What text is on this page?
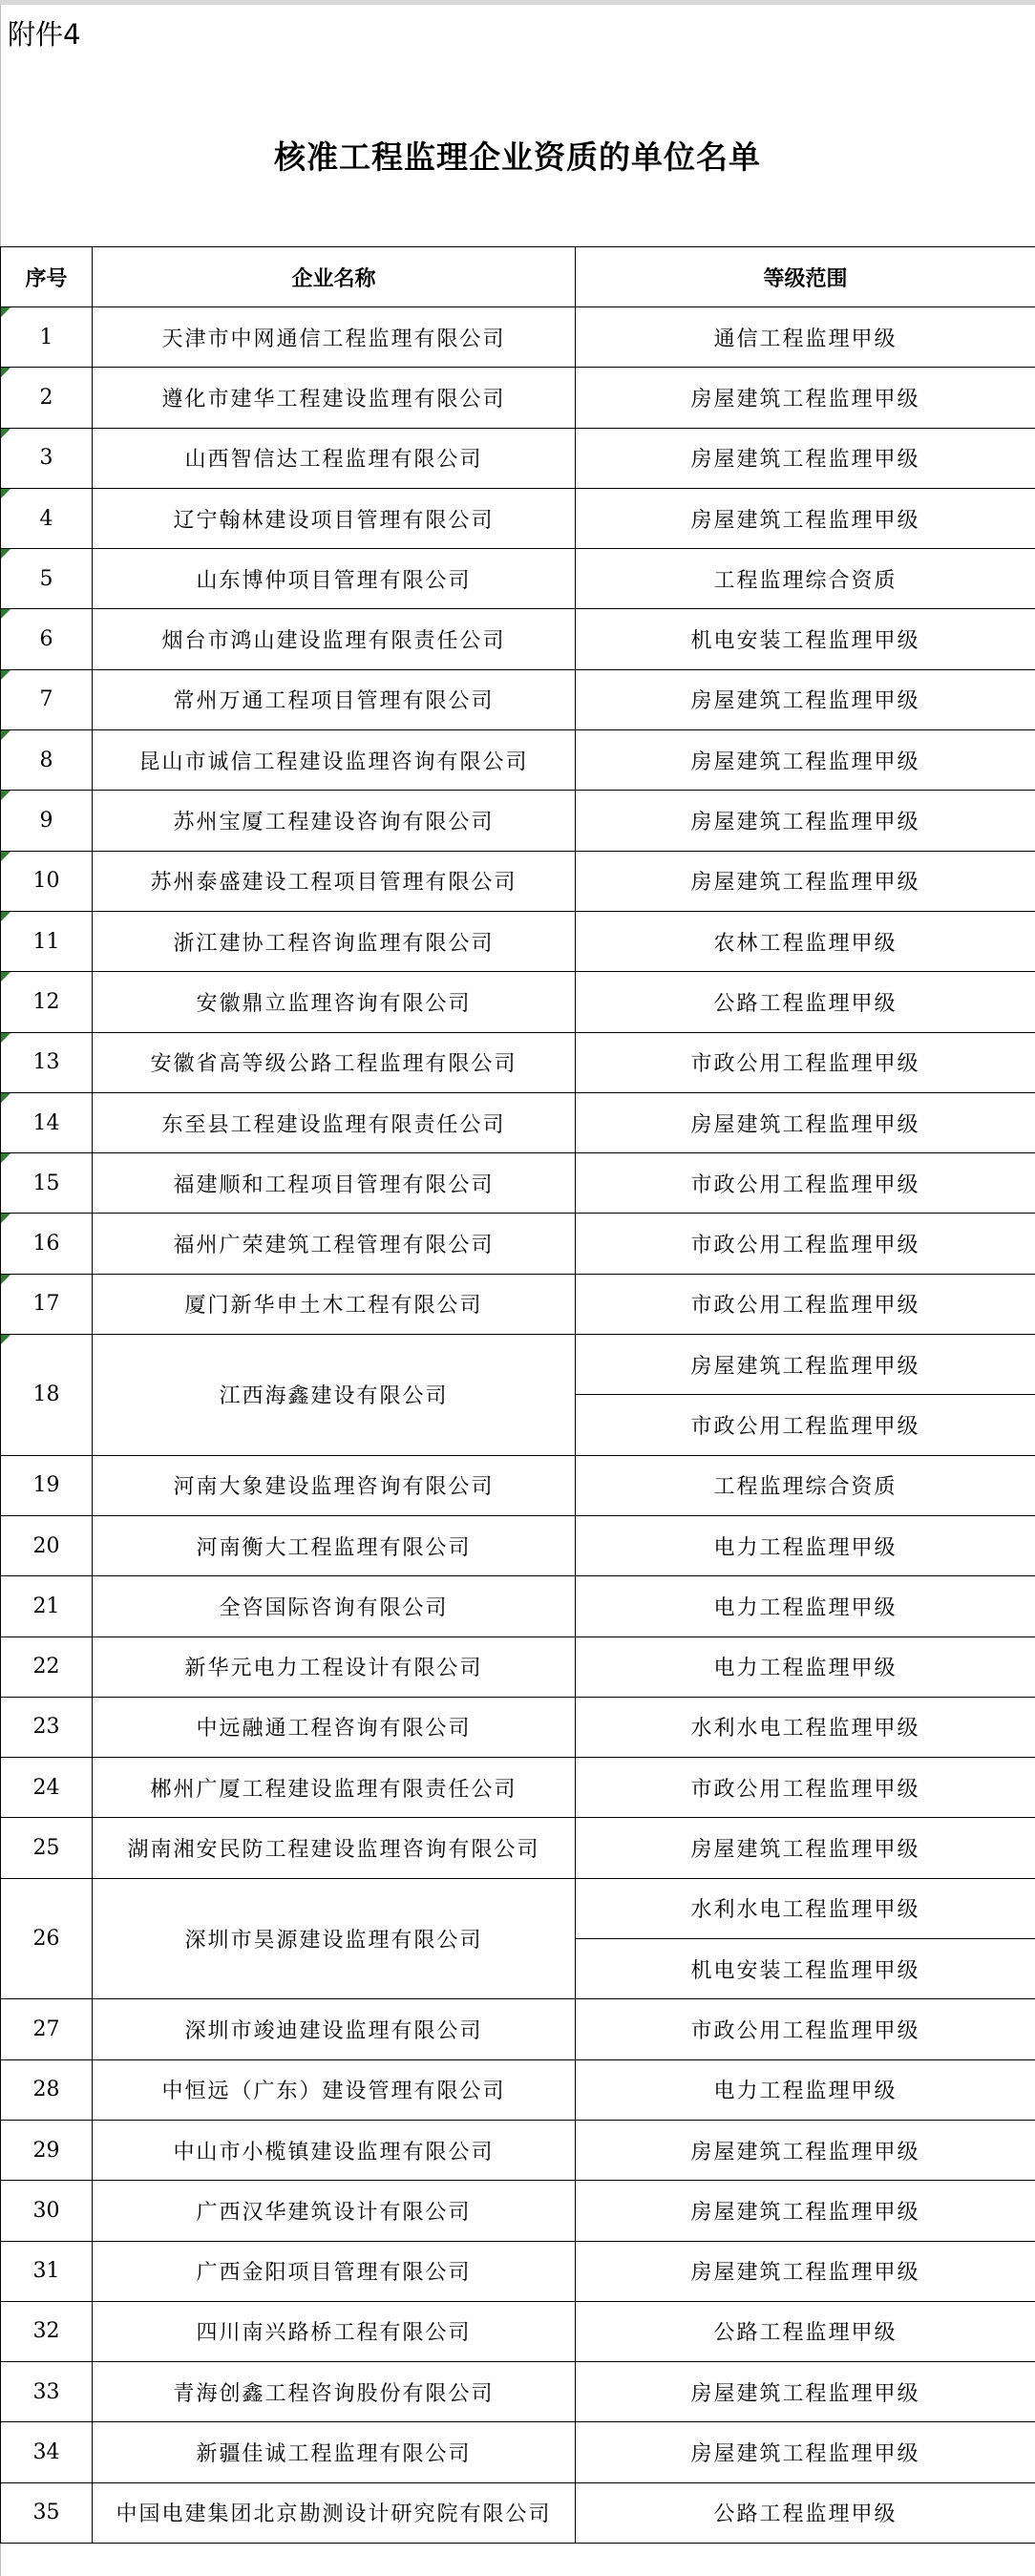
附件4
核准工程监理企业资质的单位名单
序号	企业名称	等级范围

1	天津市中网通信工程监理有限公司	通信工程监理甲级

2	遵化市建华工程建设监理有限公司	房屋建筑工程监理甲级

3	山西智信达工程监理有限公司	房屋建筑工程监理甲级

4	辽宁翰林建设项目管理有限公司	房屋建筑工程监理甲级

5	山东博仲项目管理有限公司	工程监理综合资质

6	烟台市鸿山建设监理有限责任公司	机电安装工程监理甲级

7	常州万通工程项目管理有限公司	房屋建筑工程监理甲级

8	昆山市诚信工程建设监理咨询有限公司	房屋建筑工程监理甲级

9	苏州宝厦工程建设咨询有限公司	房屋建筑工程监理甲级

10	苏州泰盛建设工程项目管理有限公司	房屋建筑工程监理甲级

11	浙江建协工程咨询监理有限公司	农林工程监理甲级

12	安徽鼎立监理咨询有限公司	公路工程监理甲级

13	安徽省高等级公路工程监理有限公司	市政公用工程监理甲级

14	东至县工程建设监理有限责任公司	房屋建筑工程监理甲级

15	福建顺和工程项目管理有限公司	市政公用工程监理甲级

16	福州广荣建筑工程管理有限公司	市政公用工程监理甲级

17	厦门新华申土木工程有限公司	市政公用工程监理甲级

18	江西海鑫建设有限公司	房屋建筑工程监理甲级
		市政公用工程监理甲级
19	河南大象建设监理咨询有限公司	工程监理综合资质
20	河南衡大工程监理有限公司	电力工程监理甲级
21	全咨国际咨询有限公司	电力工程监理甲级
22	新华元电力工程设计有限公司	电力工程监理甲级
23	中远融通工程咨询有限公司	水利水电工程监理甲级
24	郴州广厦工程建设监理有限责任公司	市政公用工程监理甲级
25	湖南湘安民防工程建设监理咨询有限公司	房屋建筑工程监理甲级
26	深圳市昊源建设监理有限公司	水利水电工程监理甲级
		机电安装工程监理甲级
27	深圳市竣迪建设监理有限公司	市政公用工程监理甲级
28	中恒远（广东）建设管理有限公司	电力工程监理甲级
29	中山市小榄镇建设监理有限公司	房屋建筑工程监理甲级
30	广西汉华建筑设计有限公司	房屋建筑工程监理甲级
31	广西金阳项目管理有限公司	房屋建筑工程监理甲级
32	四川南兴路桥工程有限公司	公路工程监理甲级
33	青海创鑫工程咨询股份有限公司	房屋建筑工程监理甲级
34	新疆佳诚工程监理有限公司	房屋建筑工程监理甲级
35	中国电建集团北京勘测设计研究院有限公司	公路工程监理甲级
